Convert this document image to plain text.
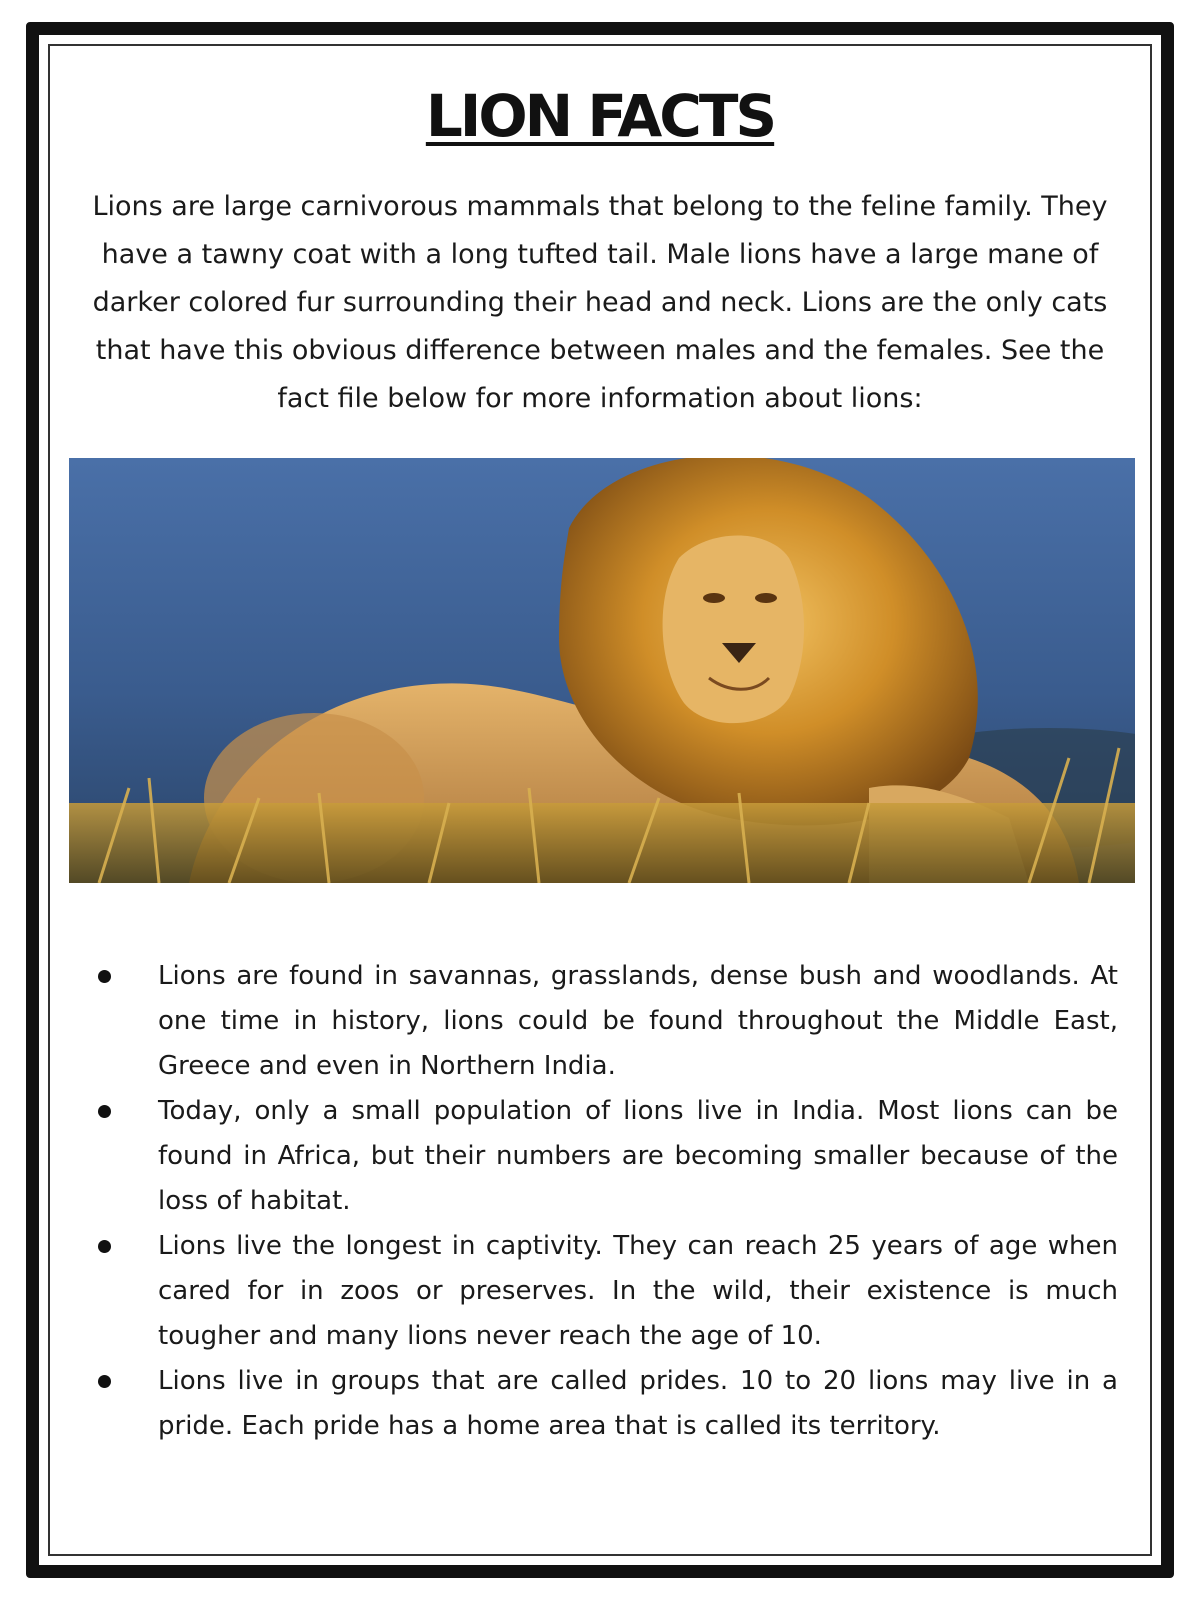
LION FACTS

Lions are large carnivorous mammals that belong to the feline family. They have a tawny coat with a long tufted tail. Male lions have a large mane of darker colored fur surrounding their head and neck. Lions are the only cats that have this obvious difference between males and the females. See the fact file below for more information about lions:

Lions are found in savannas, grasslands, dense bush and woodlands. At one time in history, lions could be found throughout the Middle East, Greece and even in Northern India.
Today, only a small population of lions live in India. Most lions can be found in Africa, but their numbers are becoming smaller because of the loss of habitat.
Lions live the longest in captivity. They can reach 25 years of age when cared for in zoos or preserves. In the wild, their existence is much tougher and many lions never reach the age of 10.
Lions live in groups that are called prides. 10 to 20 lions may live in a pride. Each pride has a home area that is called its territory.
